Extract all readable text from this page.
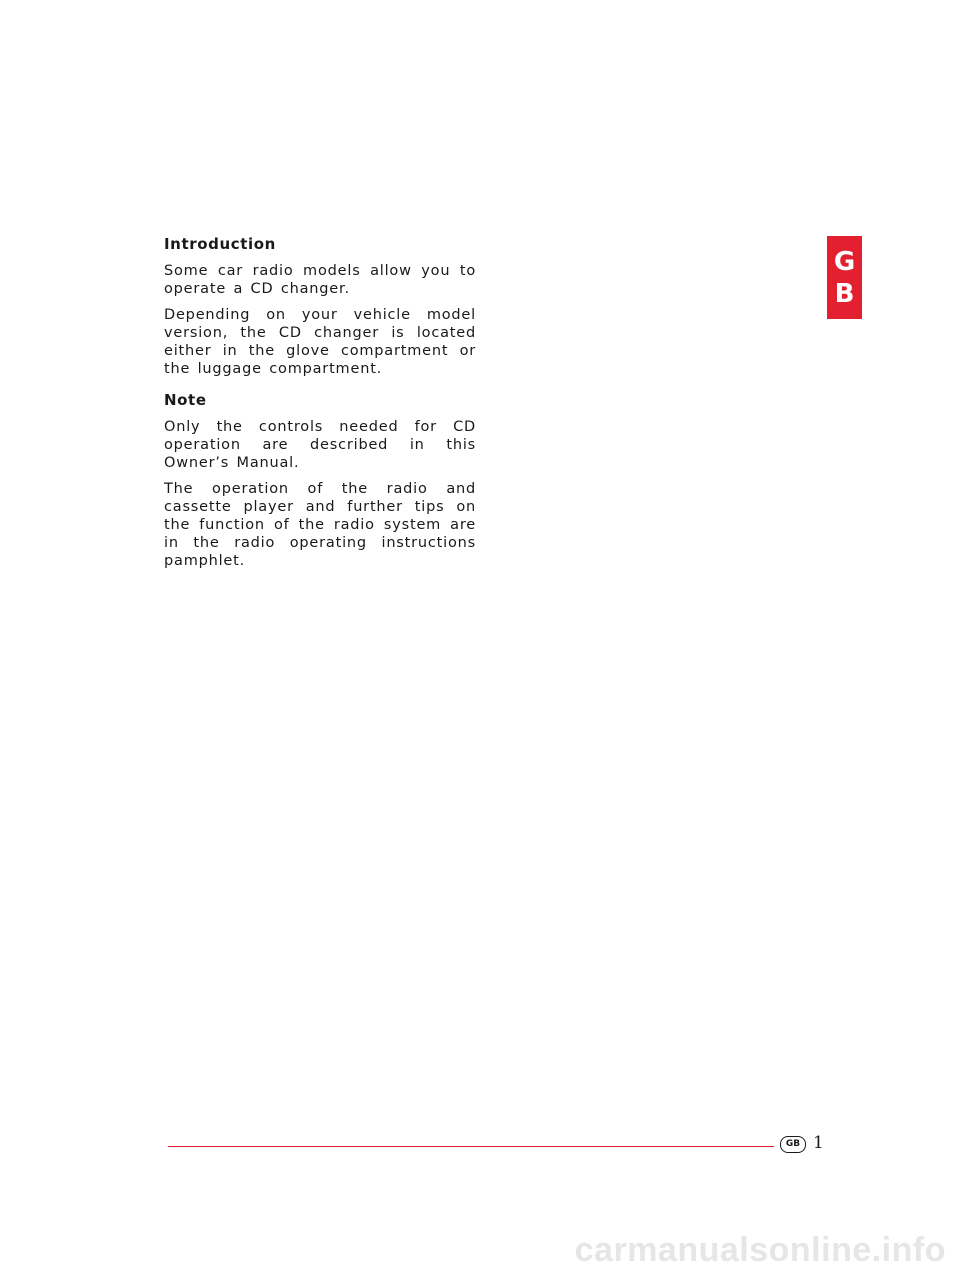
G
B
Introduction

Some car radio models allow you to operate a CD changer.

Depending on your vehicle model version, the CD changer is located either in the glove compartment or the luggage compartment.

Note

Only the controls needed for CD operation are described in this Owner’s Manual.

The operation of the radio and cassette player and further tips on the function of the radio system are in the radio operating instructions pamphlet.

GB 1
carmanualsonline.info
